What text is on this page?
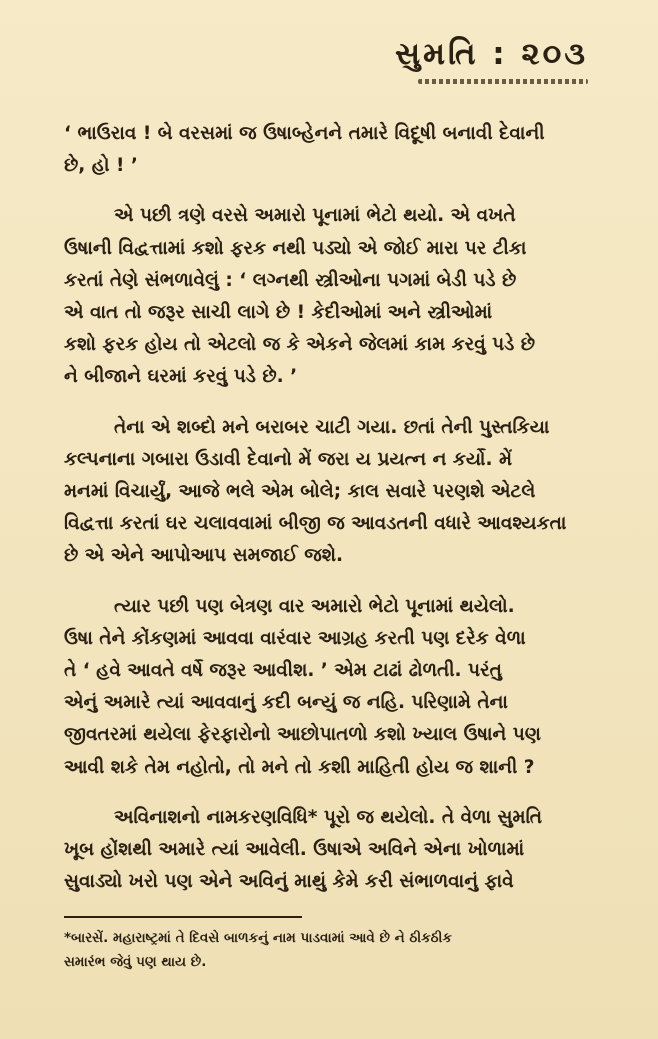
સુમતિ : ૨૦૩

‘ ભાઉરાવ ! બે વરસમાં જ ઉષાબ્હેનને તમારે વિદૂષી બનાવી દેવાની
છે, હો ! ’

એ પછી ત્રણે વરસે અમારો પૂનામાં ભેટો થયો. એ વખતે
ઉષાની વિદ્વત્તામાં કશો ફરક નથી પડ્યો એ જોઈ મારા પર ટીકા
કરતાં તેણે સંભળાવેલું : ‘ લગ્નથી સ્ત્રીઓના પગમાં બેડી પડે છે
એ વાત તો જરૂર સાચી લાગે છે ! કેદીઓમાં અને સ્ત્રીઓમાં
કશો ફરક હોય તો એટલો જ કે એકને જેલમાં કામ કરવું પડે છે
ને બીજાને ઘરમાં કરવું પડે છે. ’

તેના એ શબ્દો મને બરાબર ચાટી ગયા. છતાં તેની પુસ્તકિયા
કલ્પનાના ગબારા ઉડાવી દેવાનો મેં જરા ય પ્રયત્ન ન કર્યો. મેં
મનમાં વિચાર્યું, આજે ભલે એમ બોલે; કાલ સવારે પરણશે એટલે
વિદ્વત્તા કરતાં ઘર ચલાવવામાં બીજી જ આવડતની વધારે આવશ્યકતા
છે એ એને આપોઆપ સમજાઈ જશે.

ત્યાર પછી પણ બેત્રણ વાર અમારો ભેટો પૂનામાં થયેલો.
ઉષા તેને કોંકણમાં આવવા વારંવાર આગ્રહ કરતી પણ દરેક વેળા
તે ‘ હવે આવતે વર્ષે જરૂર આવીશ. ’ એમ ટાઢાં ઢોળતી. પરંતુ
એનું અમારે ત્યાં આવવાનું કદી બન્યું જ નહિ. પરિણામે તેના
જીવતરમાં થયેલા ફેરફારોનો આછોપાતળો કશો ખ્યાલ ઉષાને પણ
આવી શકે તેમ નહોતો, તો મને તો કશી માહિતી હોય જ શાની ?

અવિનાશનો નામકરણવિધિ* પૂરો જ થયેલો. તે વેળા સુમતિ
ખૂબ હોંશથી અમારે ત્યાં આવેલી. ઉષાએ અવિને એના ખોળામાં
સુવાડ્યો ખરો પણ એને અવિનું માથું કેમે કરી સંભાળવાનું ફાવે

*બારસેં. મહારાષ્ટ્રમાં તે દિવસે બાળકનું નામ પાડવામાં આવે છે ને ઠીકઠીક
સમારંભ જેવું પણ થાય છે.
